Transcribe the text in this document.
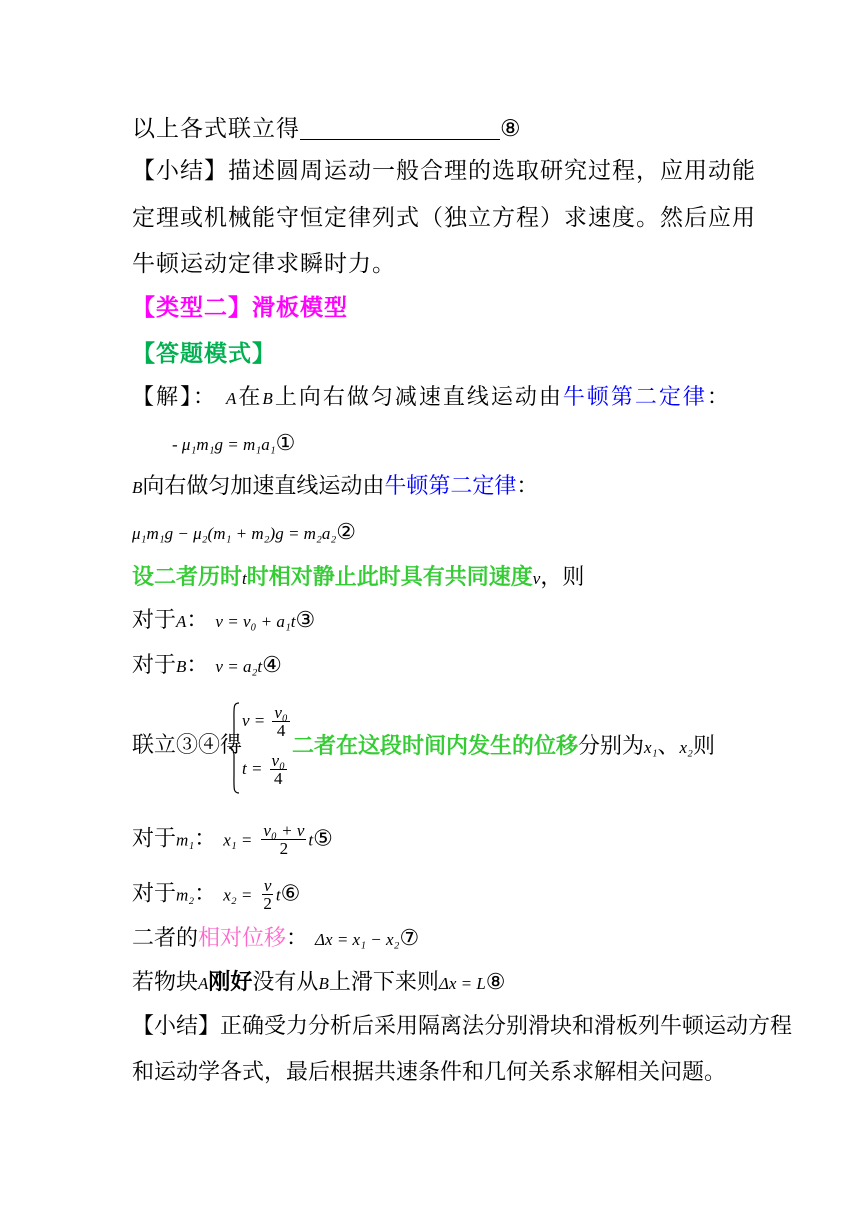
以上各式联立得	⑧
【小结】描述圆周运动一般合理的选取研究过程，应用动能
定理或机械能守恒定律列式（独立方程）求速度。然后应用
牛顿运动定律求瞬时力。
【类型二】滑板模型
【答题模式】
【解】： A在B上向右做匀减速直线运动由牛顿第二定律：
- μ₁m₁g = m₁a₁①
B向右做匀加速直线运动由牛顿第二定律：
μ₁m₁g − μ₂(m₁ + m₂)g = m₂a₂②
设二者历时t时相对静止此时具有共同速度v，则
对于A： v = v₀ + a₁t③
对于B： v = a₂t④
联立③④得
$v = \frac{\text{v₀}}{4}$
$t = \frac{\text{v₀}}{4}$
二者在这段时间内发生的位移分别为x₁、x₂则
对于m₁： $x_1 = \frac{\text{v₀ + v}}{2}$ t⑤
对于m₂： $x_2 = \frac{v}{2}$ t⑥
二者的相对位移： Δx = x₁ − x₂⑦
若物块A刚好没有从B上滑下来则Δx = L⑧
【小结】正确受力分析后采用隔离法分别滑块和滑板列牛顿运动方程
和运动学各式，最后根据共速条件和几何关系求解相关问题。
